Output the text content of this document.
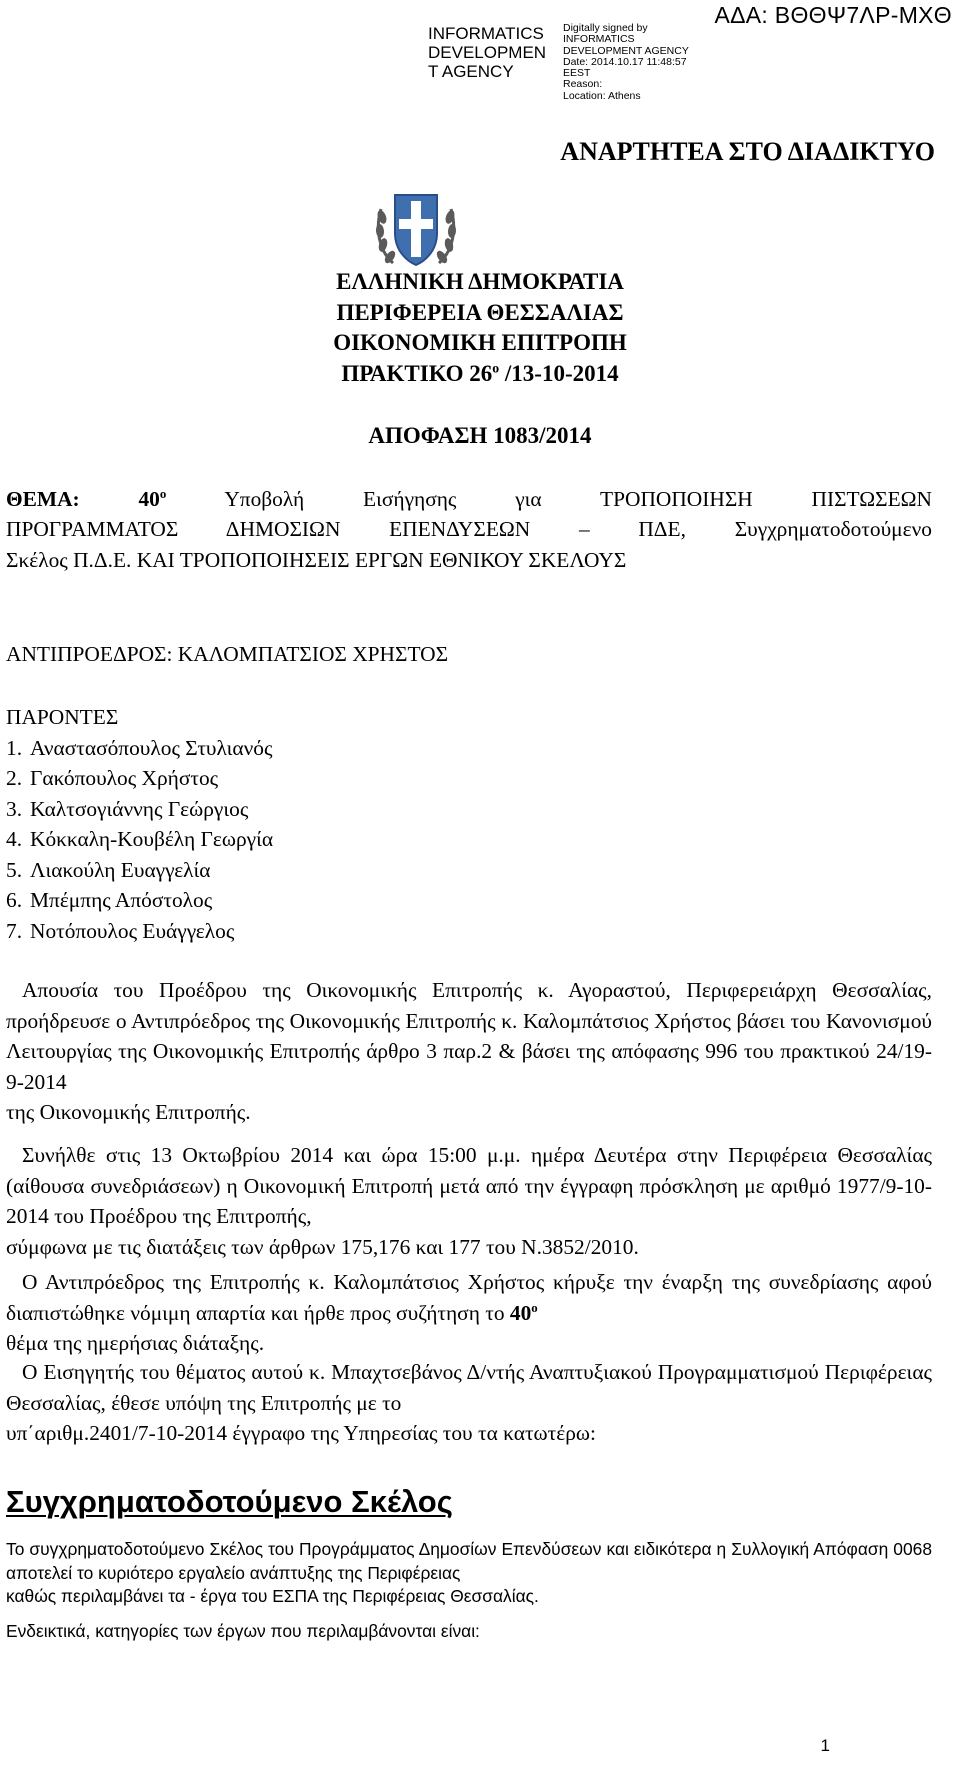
INFORMATICS
DEVELOPMEN
T AGENCY
Digitally signed by
INFORMATICS
DEVELOPMENT AGENCY
Date: 2014.10.17 11:48:57
EEST
Reason:
Location: Athens
ΑΔΑ: ΒΘΘΨ7ΛΡ-ΜΧΘ
ΑΝΑΡΤΗΤΕΑ ΣΤΟ ΔΙΑΔΙΚΤΥΟ
ΕΛΛΗΝΙΚΗ ΔΗΜΟΚΡΑΤΙΑ
ΠΕΡΙΦΕΡΕΙΑ ΘΕΣΣΑΛΙΑΣ
ΟΙΚΟΝΟΜΙΚΗ ΕΠΙΤΡΟΠΗ
ΠΡΑΚΤΙΚΟ $26^o$ /13-10-2014
ΑΠΟΦΑΣΗ 1083/2014
ΘΕΜΑ: $40^o$	Υποβολή Εισήγησης για ΤΡΟΠΟΠΟΙΗΣΗ ΠΙΣΤΩΣΕΩΝ
ΠΡΟΓΡΑΜΜΑΤΟΣ ΔΗΜΟΣΙΩΝ ΕΠΕΝΔΥΣΕΩΝ – ΠΔΕ, Συγχρηματοδοτούμενο
Σκέλος Π.Δ.Ε. ΚΑΙ ΤΡΟΠΟΠΟΙΗΣΕΙΣ ΕΡΓΩΝ ΕΘΝΙΚΟΥ ΣΚΕΛΟΥΣ
ΑΝΤΙΠΡΟΕΔΡΟΣ: ΚΑΛΟΜΠΑΤΣΙΟΣ ΧΡΗΣΤΟΣ
ΠΑΡΟΝΤΕΣ
1. Αναστασόπουλος Στυλιανός
2. Γακόπουλος Χρήστος
3. Καλτσογιάννης Γεώργιος
4. Κόκκαλη-Κουβέλη Γεωργία
5. Λιακούλη Ευαγγελία
6. Μπέμπης Απόστολος
7. Νοτόπουλος Ευάγγελος
Απουσία του Προέδρου της Οικονομικής Επιτροπής κ. Αγοραστού, Περιφερειάρχη Θεσσαλίας, προήδρευσε ο Αντιπρόεδρος της Οικονομικής Επιτροπής κ. Καλομπάτσιος Χρήστος βάσει του Κανονισμού Λειτουργίας της Οικονομικής Επιτροπής άρθρο 3 παρ.2 & βάσει της απόφασης 996 του πρακτικού 24/19-9-2014
της Οικονομικής Επιτροπής.
Συνήλθε στις 13 Οκτωβρίου 2014 και ώρα 15:00 μ.μ. ημέρα Δευτέρα στην Περιφέρεια Θεσσαλίας (αίθουσα συνεδριάσεων) η Οικονομική Επιτροπή μετά από την έγγραφη πρόσκληση με αριθμό 1977/9-10-2014 του Προέδρου της Επιτροπής,
σύμφωνα με τις διατάξεις των άρθρων 175,176 και 177 του Ν.3852/2010.
Ο Αντιπρόεδρος της Επιτροπής κ. Καλομπάτσιος Χρήστος κήρυξε την έναρξη της συνεδρίασης αφού διαπιστώθηκε νόμιμη απαρτία και ήρθε προς συζήτηση το $40^o$
θέμα της ημερήσιας διάταξης.
Ο Εισηγητής του θέματος αυτού κ. Μπαχτσεβάνος Δ/ντής Αναπτυξιακού Προγραμματισμού Περιφέρειας Θεσσαλίας, έθεσε υπόψη της Επιτροπής με το
υπ΄αριθμ.2401/7-10-2014 έγγραφο της Υπηρεσίας του τα κατωτέρω:
Συγχρηματοδοτούμενο Σκέλος
Το συγχρηματοδοτούμενο Σκέλος του Προγράμματος Δημοσίων Επενδύσεων και ειδικότερα η Συλλογική Απόφαση 0068 αποτελεί το κυριότερο εργαλείο ανάπτυξης της Περιφέρειας
καθώς περιλαμβάνει τα - έργα του ΕΣΠΑ της Περιφέρειας Θεσσαλίας.
Ενδεικτικά, κατηγορίες των έργων που περιλαμβάνονται είναι:
1
